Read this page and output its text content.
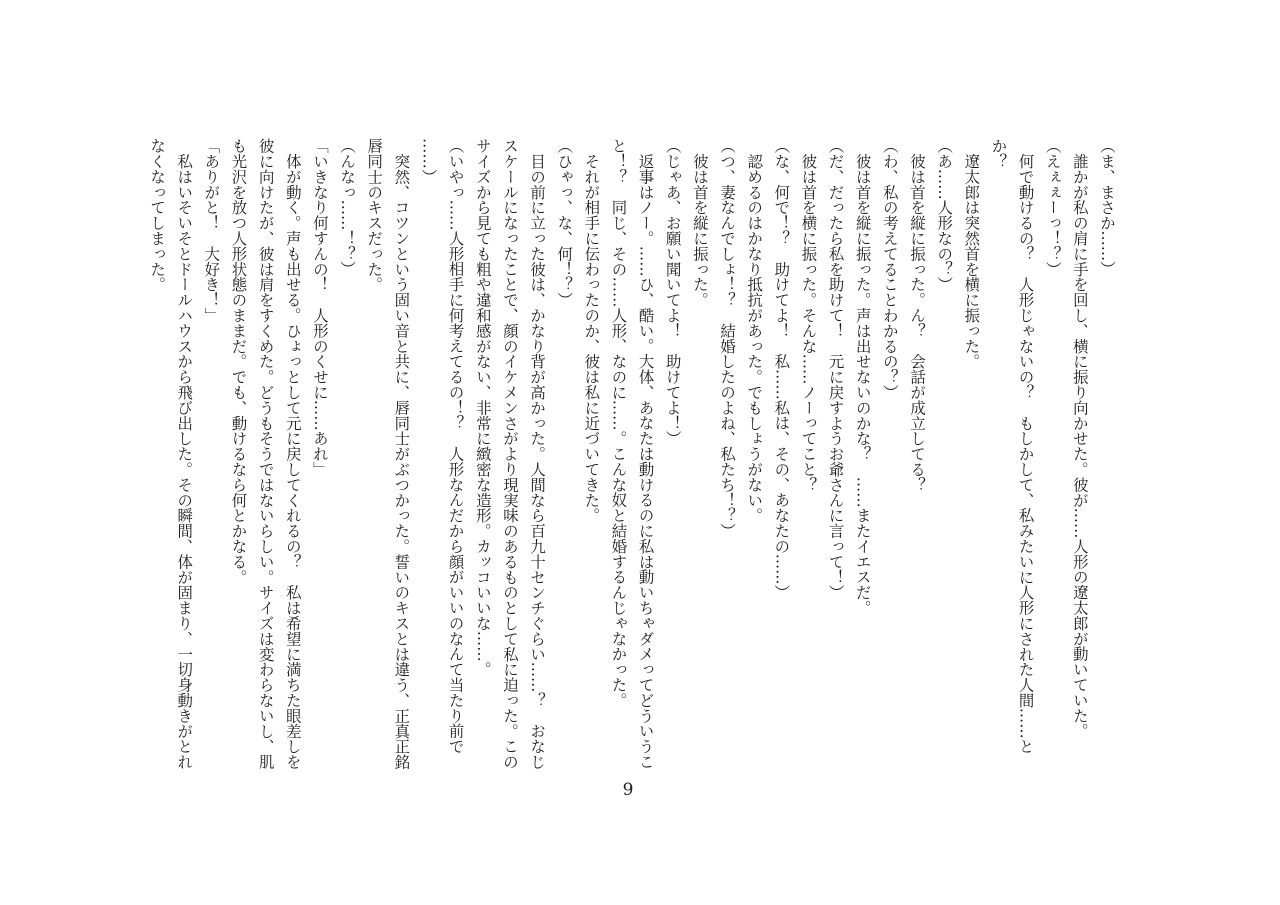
（ま、まさか……）
　誰かが私の肩に手を回し、横に振り向かせた。彼が……人形の遼太郎が動いていた。
（えぇぇーっ！？）
　何で動けるの？　人形じゃないの？　もしかして、私みたいに人形にされた人間……と
か？
　遼太郎は突然首を横に振った。
（あ……人形なの？）
　彼は首を縦に振った。ん？　会話が成立してる？
（わ、私の考えてることわかるの？）
　彼は首を縦に振った。声は出せないのかな？　……またイエスだ。
（だ、だったら私を助けて！　元に戻すようお爺さんに言って！）
　彼は首を横に振った。そんな……ノーってこと？
（な、何で！？　助けてよ！　私……私は、その、あなたの……）
　認めるのはかなり抵抗があった。でもしょうがない。
（つ、妻なんでしょ！？　結婚したのよね、私たち！？）
　彼は首を縦に振った。
（じゃあ、お願い聞いてよ！　助けてよ！）
　返事はノー。……ひ、酷い。大体、あなたは動けるのに私は動いちゃダメってどういうこ
と！？　同じ、その……人形、なのに……。こんな奴と結婚するんじゃなかった。
　それが相手に伝わったのか、彼は私に近づいてきた。
（ひゃっ、な、何！？）
　目の前に立った彼は、かなり背が高かった。人間なら百九十センチぐらい……？　おなじ
スケールになったことで、顔のイケメンさがより現実味のあるものとして私に迫った。この
サイズから見ても粗や違和感がない、非常に緻密な造形。カッコいいな……。
（いやっ……人形相手に何考えてるの！？　人形なんだから顔がいいのなんて当たり前で
……）
　突然、コツンという固い音と共に、唇同士がぶつかった。誓いのキスとは違う、正真正銘
唇同士のキスだった。
（んなっ……！？）
「いきなり何すんの！　人形のくせに……あれ」
　体が動く。声も出せる。ひょっとして元に戻してくれるの？　私は希望に満ちた眼差しを
彼に向けたが、彼は肩をすくめた。どうもそうではないらしい。サイズは変わらないし、肌
も光沢を放つ人形状態のままだ。でも、動けるなら何とかなる。
「ありがと！　大好き！」
　私はいそいそとドールハウスから飛び出した。その瞬間、体が固まり、一切身動きがとれ
なくなってしまった。
9
